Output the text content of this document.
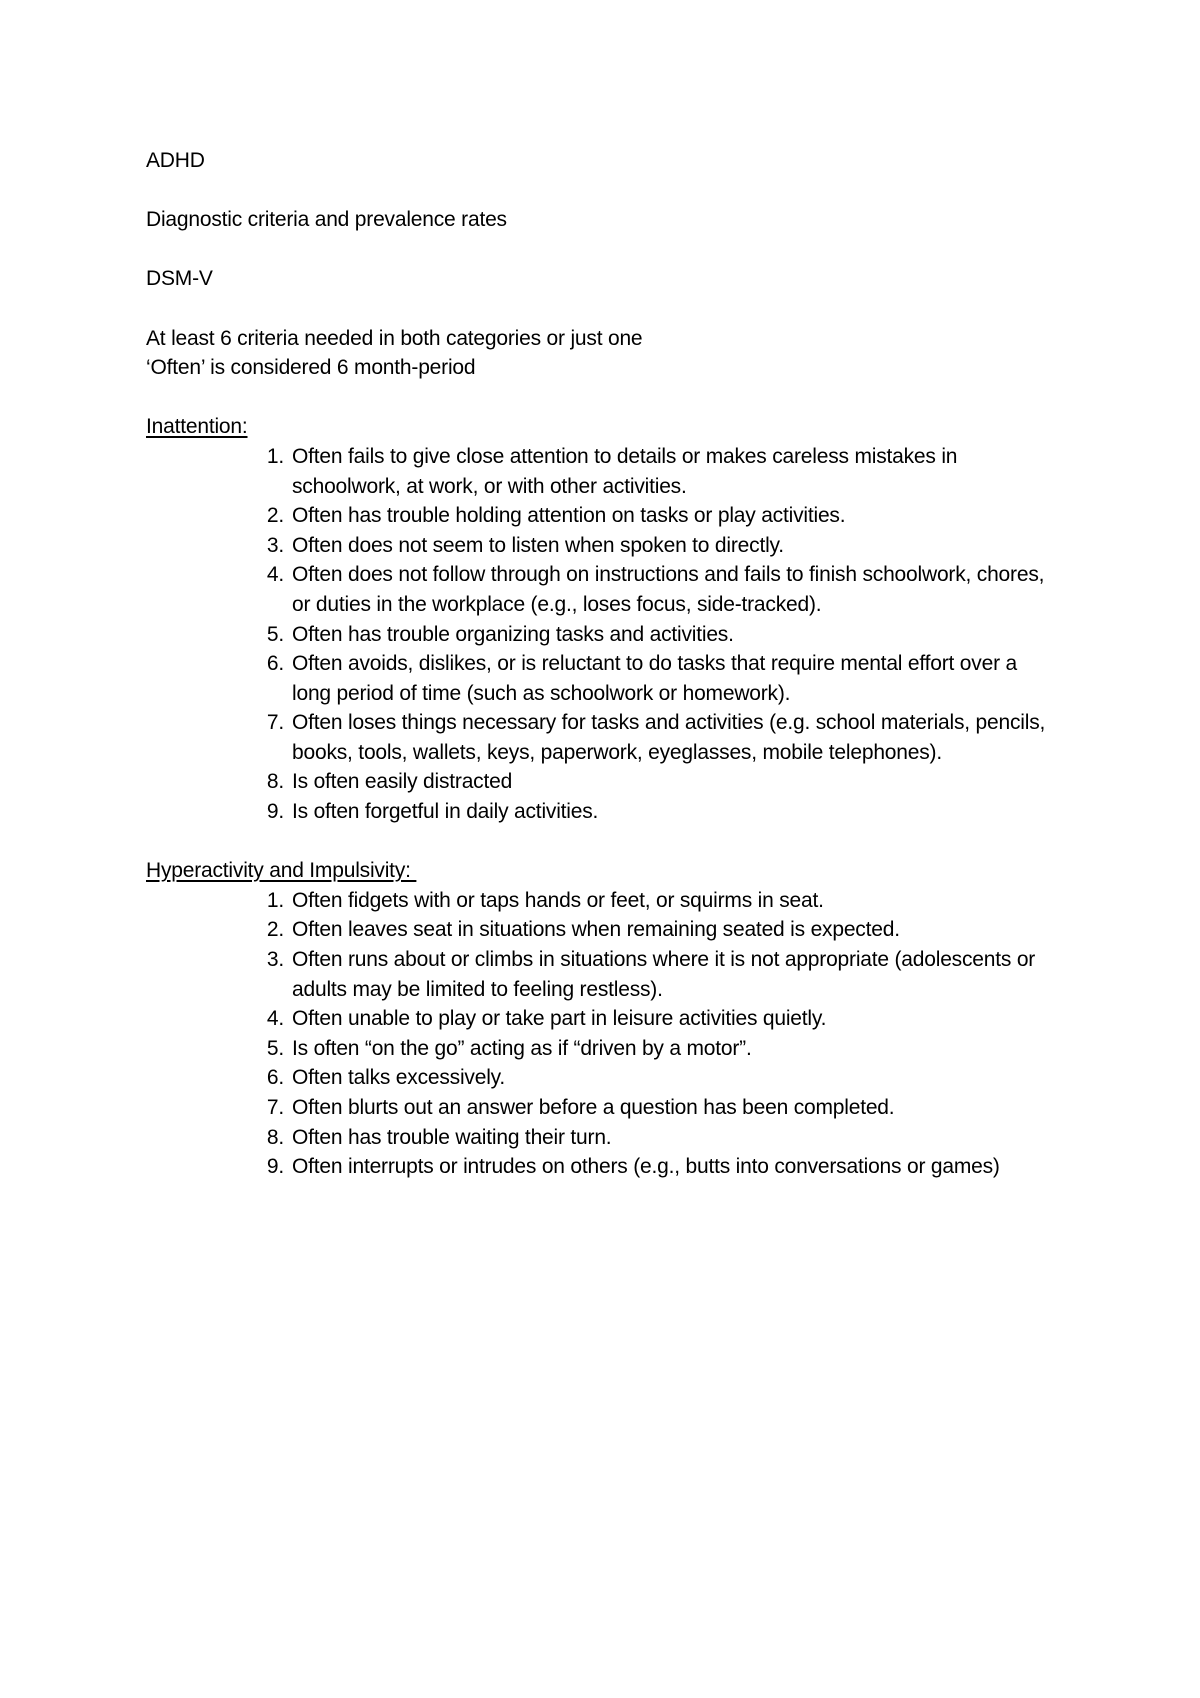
ADHD

Diagnostic criteria and prevalence rates

DSM-V

At least 6 criteria needed in both categories or just one

‘Often’ is considered 6 month-period

Inattention:

1. Often fails to give close attention to details or makes careless mistakes in schoolwork, at work, or with other activities.
2. Often has trouble holding attention on tasks or play activities.
3. Often does not seem to listen when spoken to directly.
4. Often does not follow through on instructions and fails to finish schoolwork, chores, or duties in the workplace (e.g., loses focus, side-tracked).
5. Often has trouble organizing tasks and activities.
6. Often avoids, dislikes, or is reluctant to do tasks that require mental effort over a long period of time (such as schoolwork or homework).
7. Often loses things necessary for tasks and activities (e.g. school materials, pencils, books, tools, wallets, keys, paperwork, eyeglasses, mobile telephones).
8. Is often easily distracted
9. Is often forgetful in daily activities.

Hyperactivity and Impulsivity:

1. Often fidgets with or taps hands or feet, or squirms in seat.
2. Often leaves seat in situations when remaining seated is expected.
3. Often runs about or climbs in situations where it is not appropriate (adolescents or adults may be limited to feeling restless).
4. Often unable to play or take part in leisure activities quietly.
5. Is often “on the go” acting as if “driven by a motor”.
6. Often talks excessively.
7. Often blurts out an answer before a question has been completed.
8. Often has trouble waiting their turn.
9. Often interrupts or intrudes on others (e.g., butts into conversations or games)
